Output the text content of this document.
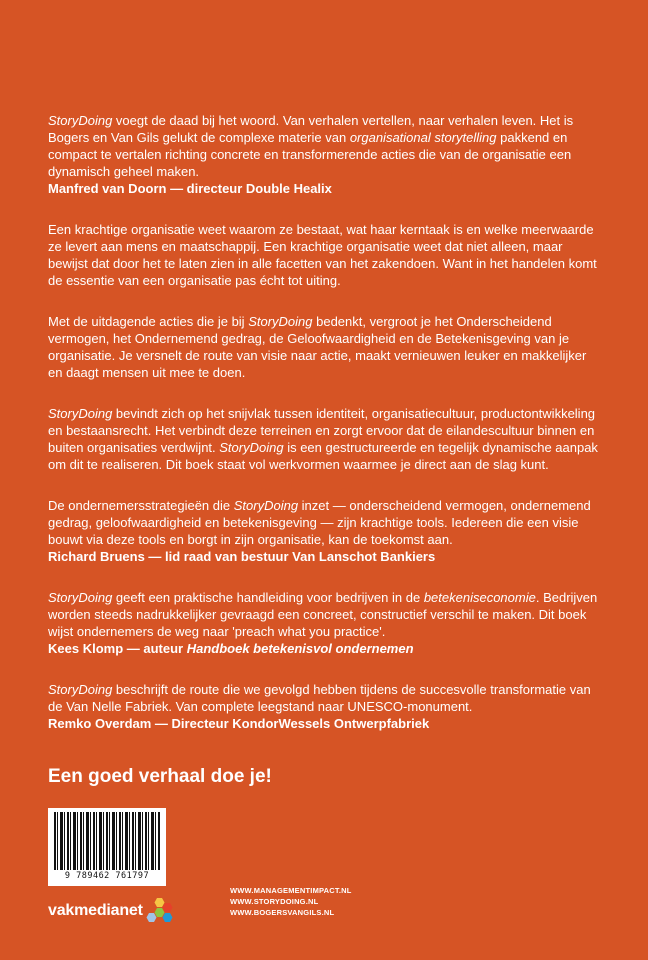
StoryDoing voegt de daad bij het woord. Van verhalen vertellen, naar verhalen leven. Het is Bogers en Van Gils gelukt de complexe materie van organisational storytelling pakkend en compact te vertalen richting concrete en transformerende acties die van de organisatie een dynamisch geheel maken.

Manfred van Doorn — directeur Double Healix

Een krachtige organisatie weet waarom ze bestaat, wat haar kerntaak is en welke meerwaarde ze levert aan mens en maatschappij. Een krachtige organisatie weet dat niet alleen, maar bewijst dat door het te laten zien in alle facetten van het zakendoen. Want in het handelen komt de essentie van een organisatie pas écht tot uiting.

Met de uitdagende acties die je bij StoryDoing bedenkt, vergroot je het Onderscheidend vermogen, het Ondernemend gedrag, de Geloofwaardigheid en de Betekenisgeving van je organisatie. Je versnelt de route van visie naar actie, maakt vernieuwen leuker en makkelijker en daagt mensen uit mee te doen.

StoryDoing bevindt zich op het snijvlak tussen identiteit, organisatiecultuur, productontwikkeling en bestaansrecht. Het verbindt deze terreinen en zorgt ervoor dat de eilandescultuur binnen en buiten organisaties verdwijnt. StoryDoing is een gestructureerde en tegelijk dynamische aanpak om dit te realiseren. Dit boek staat vol werkvormen waarmee je direct aan de slag kunt.

De ondernemersstrategieën die StoryDoing inzet — onderscheidend vermogen, ondernemend gedrag, geloofwaardigheid en betekenisgeving — zijn krachtige tools. Iedereen die een visie bouwt via deze tools en borgt in zijn organisatie, kan de toekomst aan.

Richard Bruens — lid raad van bestuur Van Lanschot Bankiers

StoryDoing geeft een praktische handleiding voor bedrijven in de betekeniseconomie. Bedrijven worden steeds nadrukkelijker gevraagd een concreet, constructief verschil te maken. Dit boek wijst ondernemers de weg naar 'preach what you practice'.

Kees Klomp — auteur Handboek betekenisvol ondernemen

StoryDoing beschrijft de route die we gevolgd hebben tijdens de succesvolle transformatie van de Van Nelle Fabriek. Van complete leegstand naar UNESCO-monument.

Remko Overdam — Directeur KondorWessels Ontwerpfabriek

Een goed verhaal doe je!
9 789462 761797
vakmedianet
WWW.MANAGEMENTIMPACT.NL
WWW.STORYDOING.NL
WWW.BOGERSVANGILS.NL
